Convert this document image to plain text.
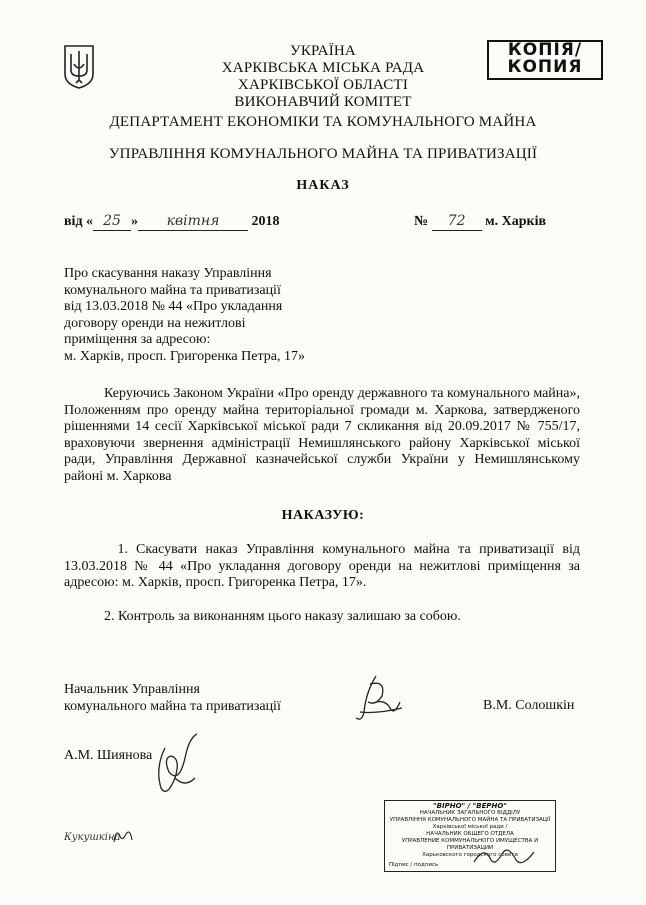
КОПІЯ/ КОПИЯ
УКРАЇНА
ХАРКІВСЬКА МІСЬКА РАДА
ХАРКІВСЬКОЇ ОБЛАСТІ
ВИКОНАВЧИЙ КОМІТЕТ
ДЕПАРТАМЕНТ ЕКОНОМІКИ ТА КОМУНАЛЬНОГО МАЙНА
УПРАВЛІННЯ КОМУНАЛЬНОГО МАЙНА ТА ПРИВАТИЗАЦІЇ
НАКАЗ
від « 25 » квітня 2018	№ 72 м. Харків
Про скасування наказу Управління
комунального майна та приватизації
від 13.03.2018 № 44 «Про укладання
договору оренди на нежитлові
приміщення за адресою:
м. Харків, просп. Григоренка Петра, 17»
Керуючись Законом України «Про оренду державного та комунального майна», Положенням про оренду майна територіальної громади м. Харкова, затвердженого рішеннями 14 сесії Харківської міської ради 7 скликання від 20.09.2017 № 755/17, враховуючи звернення адміністрації Немишлянського району Харківської міської ради, Управління Державної казначейської служби України у Немишлянському районі м. Харкова
НАКАЗУЮ:
1. Скасувати наказ Управління комунального майна та приватизації від 13.03.2018 № 44 «Про укладання договору оренди на нежитлові приміщення за адресою: м. Харків, просп. Григоренка Петра, 17».
2. Контроль за виконанням цього наказу залишаю за собою.
Начальник Управління
комунального майна та приватизації	В.М. Солошкін
А.М. Шиянова
Кукушкіна
"ВІРНО" / "ВЕРНО"
НАЧАЛЬНИК ЗАГАЛЬНОГО ВІДДІЛУ
УПРАВЛІННЯ КОМУНАЛЬНОГО МАЙНА ТА ПРИВАТИЗАЦІЇ
Харківської міської ради /
НАЧАЛЬНИК ОБЩЕГО ОТДЕЛА
УПРАВЛЕНИЕ КОММУНАЛЬНОГО ИМУЩЕСТВА И ПРИВАТИЗАЦИИ
Харьковского городского совета
Підпис / подпись
